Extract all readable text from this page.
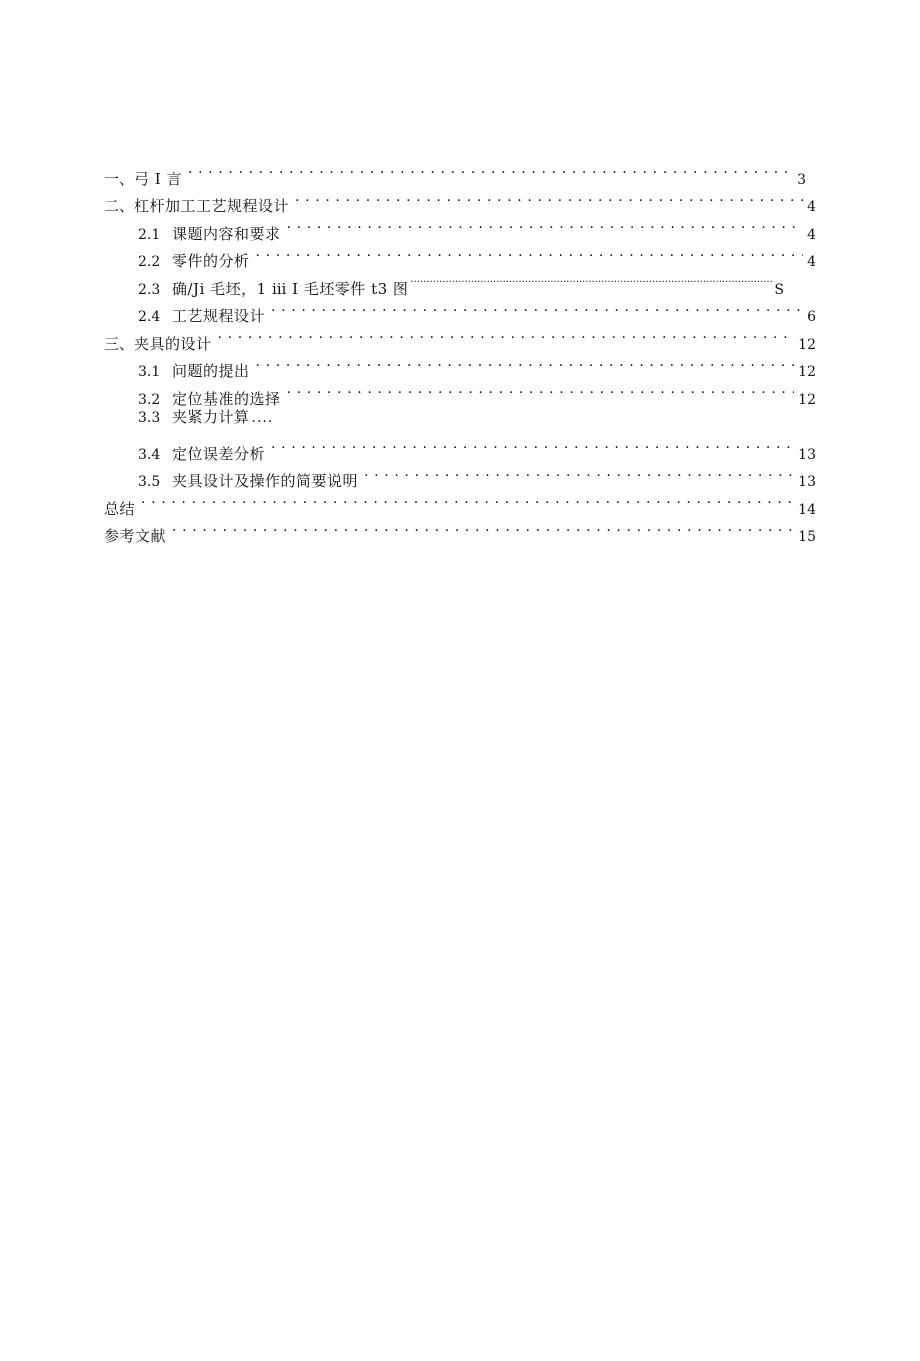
一、 弓 I 言 . . .	3
二、 杠杆加工工艺规程设计 . . .	4
2.1 课题内容和要求 . . .	4
2.2 零件的分析 . . .	4
2.3 确/Ji 毛坯，1 ﻿ⅲ I 毛坯零件 t3 图 .....	S
2.4 工艺规程设计 . . .	6
三、 夹具的设计 . . .	12
3.1 问题的提出 . . .	12
3.2 定位基准的选择 . . .	12
3.3 夹紧力计算 ....
3.4 定位误差分析 . . .	13
3.5 夹具设计及操作的简要说明 . . .	13
总结 . . .	14
参考文献 . . .	15
